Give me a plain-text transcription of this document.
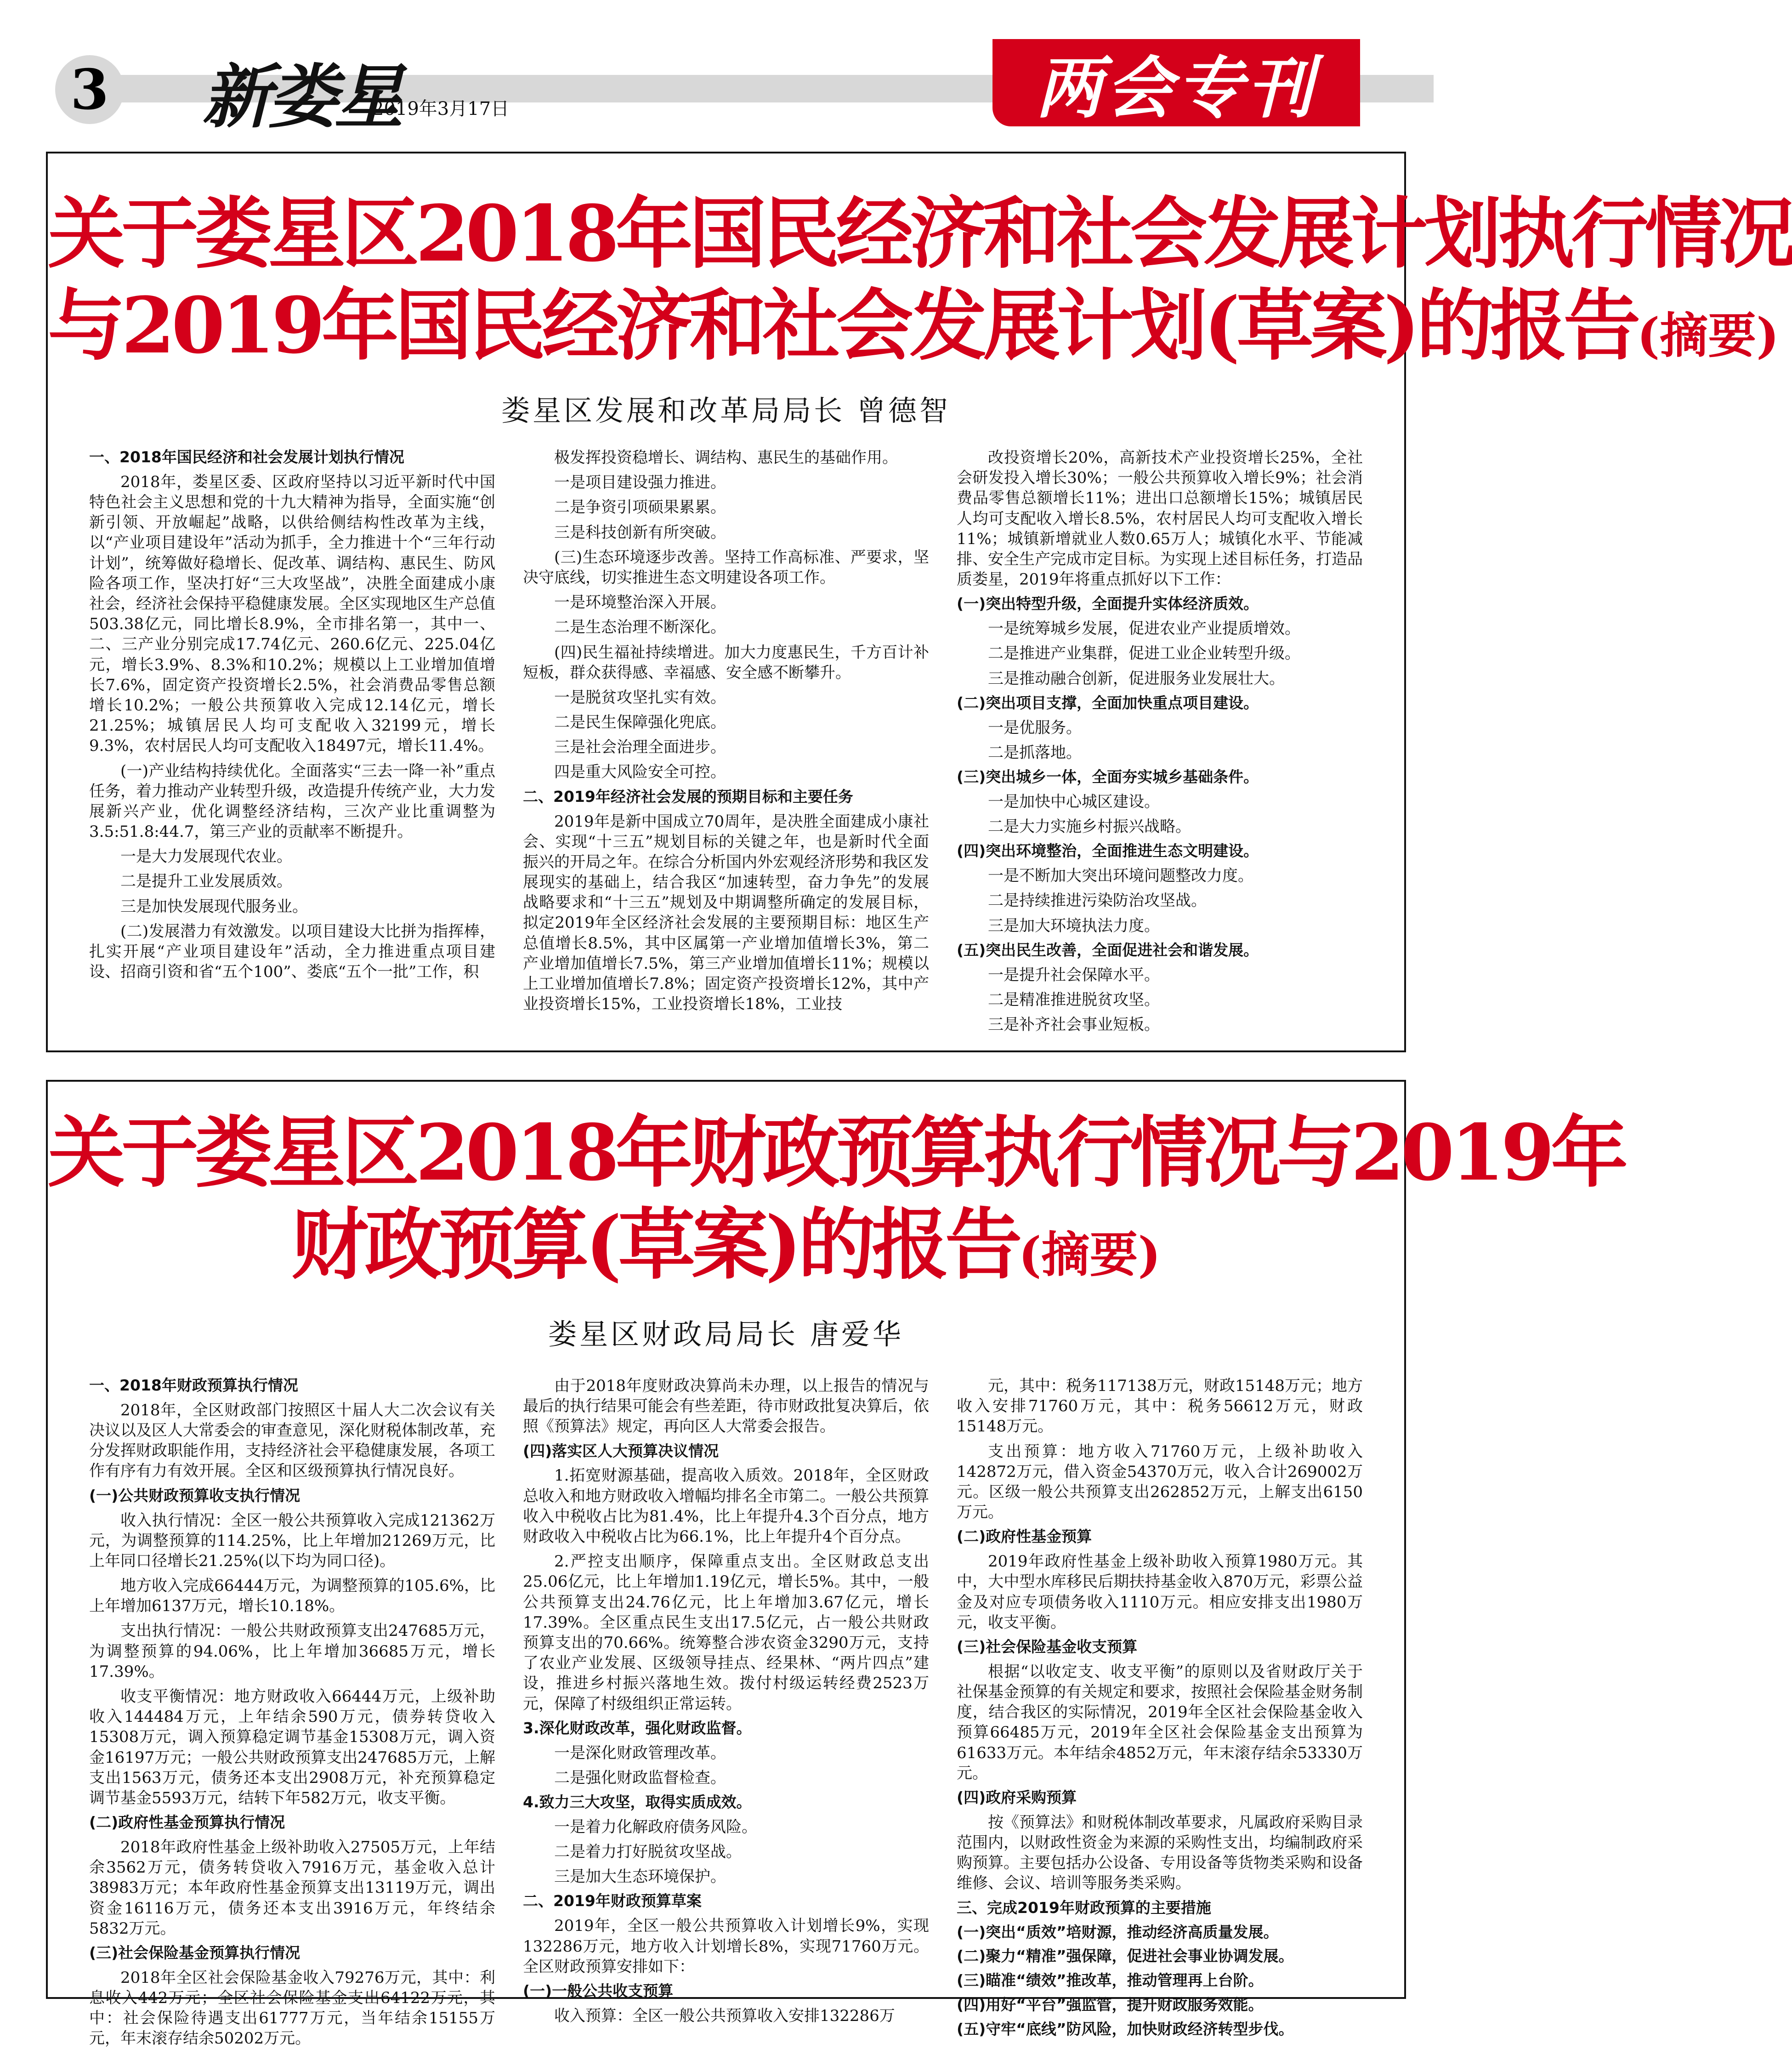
3 新娄星
2019年3月17日	两会专刊
关于娄星区2018年国民经济和社会发展计划执行情况
与2019年国民经济和社会发展计划(草案)的报告(摘要)
娄星区发展和改革局局长 曾德智

一、2018年国民经济和社会发展计划执行情况

2018年，娄星区委、区政府坚持以习近平新时代中国特色社会主义思想和党的十九大精神为指导，全面实施“创新引领、开放崛起”战略，以供给侧结构性改革为主线，以“产业项目建设年”活动为抓手，全力推进十个“三年行动计划”，统筹做好稳增长、促改革、调结构、惠民生、防风险各项工作，坚决打好“三大攻坚战”，决胜全面建成小康社会，经济社会保持平稳健康发展。全区实现地区生产总值503.38亿元，同比增长8.9%，全市排名第一，其中一、二、三产业分别完成17.74亿元、260.6亿元、225.04亿元，增长3.9%、8.3%和10.2%；规模以上工业增加值增长7.6%，固定资产投资增长2.5%，社会消费品零售总额增长10.2%；一般公共预算收入完成12.14亿元，增长21.25%；城镇居民人均可支配收入32199元，增长9.3%，农村居民人均可支配收入18497元，增长11.4%。

(一)产业结构持续优化。全面落实“三去一降一补”重点任务，着力推动产业转型升级，改造提升传统产业，大力发展新兴产业，优化调整经济结构，三次产业比重调整为3.5:51.8:44.7，第三产业的贡献率不断提升。

一是大力发展现代农业。

二是提升工业发展质效。

三是加快发展现代服务业。

(二)发展潜力有效激发。以项目建设大比拼为指挥棒，扎实开展“产业项目建设年”活动，全力推进重点项目建设、招商引资和省“五个100”、娄底“五个一批”工作，积

极发挥投资稳增长、调结构、惠民生的基础作用。

一是项目建设强力推进。

二是争资引项硕果累累。

三是科技创新有所突破。

(三)生态环境逐步改善。坚持工作高标准、严要求，坚决守底线，切实推进生态文明建设各项工作。

一是环境整治深入开展。

二是生态治理不断深化。

(四)民生福祉持续增进。加大力度惠民生，千方百计补短板，群众获得感、幸福感、安全感不断攀升。

一是脱贫攻坚扎实有效。

二是民生保障强化兜底。

三是社会治理全面进步。

四是重大风险安全可控。

二、2019年经济社会发展的预期目标和主要任务

2019年是新中国成立70周年，是决胜全面建成小康社会、实现“十三五”规划目标的关键之年，也是新时代全面振兴的开局之年。在综合分析国内外宏观经济形势和我区发展现实的基础上，结合我区“加速转型，奋力争先”的发展战略要求和“十三五”规划及中期调整所确定的发展目标，拟定2019年全区经济社会发展的主要预期目标：地区生产总值增长8.5%，其中区属第一产业增加值增长3%，第二产业增加值增长7.5%，第三产业增加值增长11%；规模以上工业增加值增长7.8%；固定资产投资增长12%，其中产业投资增长15%，工业投资增长18%，工业技

改投资增长20%，高新技术产业投资增长25%，全社会研发投入增长30%；一般公共预算收入增长9%；社会消费品零售总额增长11%；进出口总额增长15%；城镇居民人均可支配收入增长8.5%，农村居民人均可支配收入增长11%；城镇新增就业人数0.65万人；城镇化水平、节能减排、安全生产完成市定目标。为实现上述目标任务，打造品质娄星，2019年将重点抓好以下工作：

(一)突出特型升级，全面提升实体经济质效。

一是统筹城乡发展，促进农业产业提质增效。

二是推进产业集群，促进工业企业转型升级。

三是推动融合创新，促进服务业发展壮大。

(二)突出项目支撑，全面加快重点项目建设。

一是优服务。

二是抓落地。

(三)突出城乡一体，全面夯实城乡基础条件。

一是加快中心城区建设。

二是大力实施乡村振兴战略。

(四)突出环境整治，全面推进生态文明建设。

一是不断加大突出环境问题整改力度。

二是持续推进污染防治攻坚战。

三是加大环境执法力度。

(五)突出民生改善，全面促进社会和谐发展。

一是提升社会保障水平。

二是精准推进脱贫攻坚。

三是补齐社会事业短板。

关于娄星区2018年财政预算执行情况与2019年
财政预算(草案)的报告(摘要)
娄星区财政局局长 唐爱华

一、2018年财政预算执行情况

2018年，全区财政部门按照区十届人大二次会议有关决议以及区人大常委会的审查意见，深化财税体制改革，充分发挥财政职能作用，支持经济社会平稳健康发展，各项工作有序有力有效开展。全区和区级预算执行情况良好。

(一)公共财政预算收支执行情况

收入执行情况：全区一般公共预算收入完成121362万元，为调整预算的114.25%，比上年增加21269万元，比上年同口径增长21.25%(以下均为同口径)。

地方收入完成66444万元，为调整预算的105.6%，比上年增加6137万元，增长10.18%。

支出执行情况：一般公共财政预算支出247685万元，为调整预算的94.06%，比上年增加36685万元，增长17.39%。

收支平衡情况：地方财政收入66444万元，上级补助收入144484万元，上年结余590万元，债券转贷收入15308万元，调入预算稳定调节基金15308万元，调入资金16197万元；一般公共财政预算支出247685万元，上解支出1563万元，债务还本支出2908万元，补充预算稳定调节基金5593万元，结转下年582万元，收支平衡。

(二)政府性基金预算执行情况

2018年政府性基金上级补助收入27505万元，上年结余3562万元，债务转贷收入7916万元，基金收入总计38983万元；本年政府性基金预算支出13119万元，调出资金16116万元，债务还本支出3916万元，年终结余5832万元。

(三)社会保险基金预算执行情况

2018年全区社会保险基金收入79276万元，其中：利息收入442万元；全区社会保险基金支出64122万元，其中：社会保险待遇支出61777万元，当年结余15155万元，年末滚存结余50202万元。

由于2018年度财政决算尚未办理，以上报告的情况与最后的执行结果可能会有些差距，待市财政批复决算后，依照《预算法》规定，再向区人大常委会报告。

(四)落实区人大预算决议情况

1.拓宽财源基础，提高收入质效。2018年，全区财政总收入和地方财政收入增幅均排名全市第二。一般公共预算收入中税收占比为81.4%，比上年提升4.3个百分点，地方财政收入中税收占比为66.1%，比上年提升4个百分点。

2.严控支出顺序，保障重点支出。全区财政总支出25.06亿元，比上年增加1.19亿元，增长5%。其中，一般公共预算支出24.76亿元，比上年增加3.67亿元，增长17.39%。全区重点民生支出17.5亿元，占一般公共财政预算支出的70.66%。统筹整合涉农资金3290万元，支持了农业产业发展、区级领导挂点、经果林、“两片四点”建设，推进乡村振兴落地生效。拨付村级运转经费2523万元，保障了村级组织正常运转。

3.深化财政改革，强化财政监督。

一是深化财政管理改革。

二是强化财政监督检查。

4.致力三大攻坚，取得实质成效。

一是着力化解政府债务风险。

二是着力打好脱贫攻坚战。

三是加大生态环境保护。

二、2019年财政预算草案

2019年，全区一般公共预算收入计划增长9%，实现132286万元，地方收入计划增长8%，实现71760万元。全区财政预算安排如下：

(一)一般公共收支预算

收入预算：全区一般公共预算收入安排132286万

元，其中：税务117138万元，财政15148万元；地方收入安排71760万元，其中：税务56612万元，财政15148万元。

支出预算：地方收入71760万元，上级补助收入142872万元，借入资金54370万元，收入合计269002万元。区级一般公共预算支出262852万元，上解支出6150万元。

(二)政府性基金预算

2019年政府性基金上级补助收入预算1980万元。其中，大中型水库移民后期扶持基金收入870万元，彩票公益金及对应专项债务收入1110万元。相应安排支出1980万元，收支平衡。

(三)社会保险基金收支预算

根据“以收定支、收支平衡”的原则以及省财政厅关于社保基金预算的有关规定和要求，按照社会保险基金财务制度，结合我区的实际情况，2019年全区社会保险基金收入预算66485万元，2019年全区社会保险基金支出预算为61633万元。本年结余4852万元，年末滚存结余53330万元。

(四)政府采购预算

按《预算法》和财税体制改革要求，凡属政府采购目录范围内，以财政性资金为来源的采购性支出，均编制政府采购预算。主要包括办公设备、专用设备等货物类采购和设备维修、会议、培训等服务类采购。

三、完成2019年财政预算的主要措施

(一)突出“质效”培财源，推动经济高质量发展。

(二)聚力“精准”强保障，促进社会事业协调发展。

(三)瞄准“绩效”推改革，推动管理再上台阶。

(四)用好“平台”强监管，提升财政服务效能。

(五)守牢“底线”防风险，加快财政经济转型步伐。
